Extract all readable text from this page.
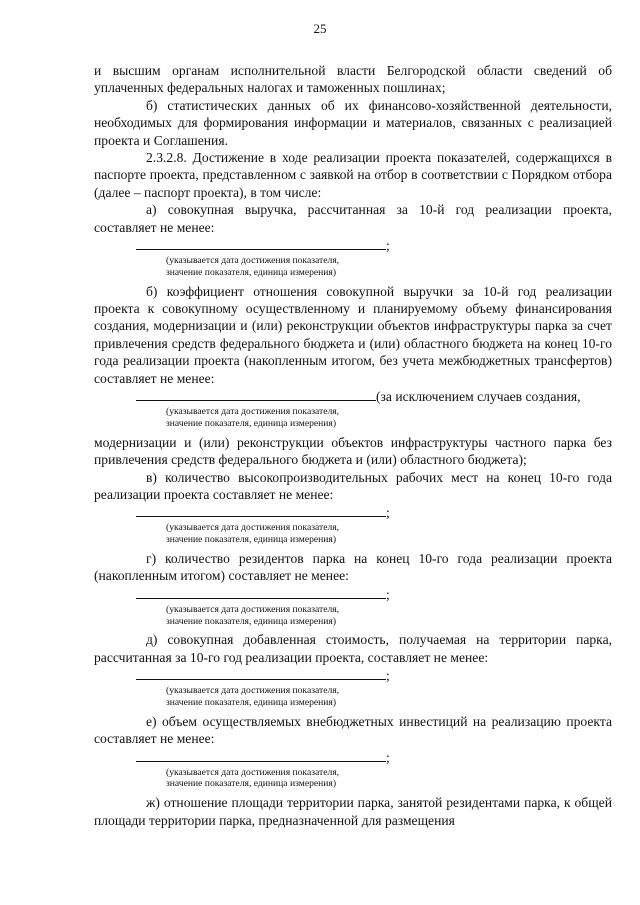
25

и высшим органам исполнительной власти Белгородской области сведений об уплаченных федеральных налогах и таможенных пошлинах;

б) статистических данных об их финансово-хозяйственной деятельности, необходимых для формирования информации и материалов, связанных с реализацией проекта и Соглашения.

2.3.2.8. Достижение в ходе реализации проекта показателей, содержащихся в паспорте проекта, представленном с заявкой на отбор в соответствии с Порядком отбора (далее – паспорт проекта), в том числе:

а) совокупная выручка, рассчитанная за 10-й год реализации проекта, составляет не менее:

;
(указывается дата достижения показателя,
значение показателя, единица измерения)

б) коэффициент отношения совокупной выручки за 10-й год реализации проекта к совокупному осуществленному и планируемому объему финансирования создания, модернизации и (или) реконструкции объектов инфраструктуры парка за счет привлечения средств федерального бюджета и (или) областного бюджета на конец 10-го года реализации проекта (накопленным итогом, без учета межбюджетных трансфертов) составляет не менее:

(за исключением случаев создания,
(указывается дата достижения показателя,
значение показателя, единица измерения)

модернизации и (или) реконструкции объектов инфраструктуры частного парка без привлечения средств федерального бюджета и (или) областного бюджета);

в) количество высокопроизводительных рабочих мест на конец 10-го года реализации проекта составляет не менее:

;
(указывается дата достижения показателя,
значение показателя, единица измерения)

г) количество резидентов парка на конец 10-го года реализации проекта (накопленным итогом) составляет не менее:

;
(указывается дата достижения показателя,
значение показателя, единица измерения)

д) совокупная добавленная стоимость, получаемая на территории парка, рассчитанная за 10-го год реализации проекта, составляет не менее:

;
(указывается дата достижения показателя,
значение показателя, единица измерения)

е) объем осуществляемых внебюджетных инвестиций на реализацию проекта составляет не менее:

;
(указывается дата достижения показателя,
значение показателя, единица измерения)

ж) отношение площади территории парка, занятой резидентами парка, к общей площади территории парка, предназначенной для размещения
